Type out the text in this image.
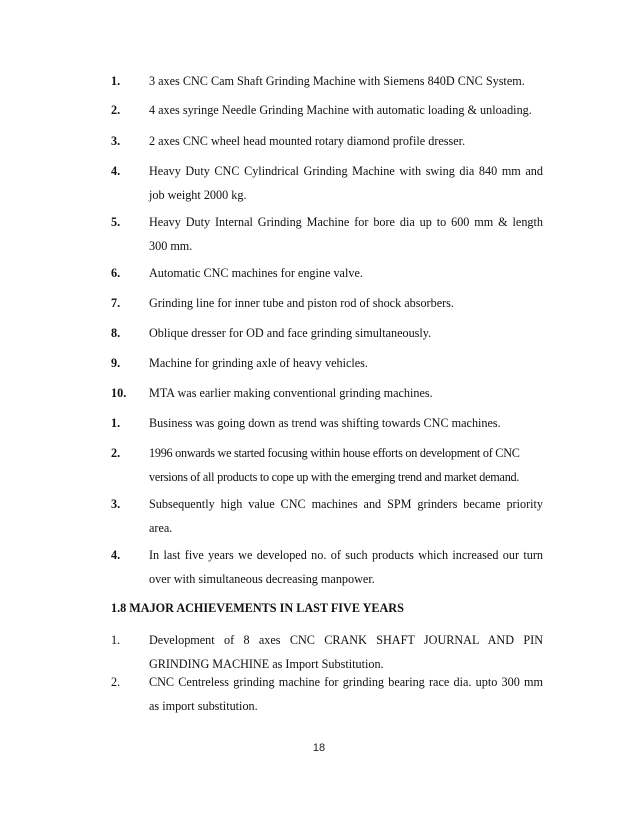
1. 3 axes CNC Cam Shaft Grinding Machine with Siemens 840D CNC System.
2. 4 axes syringe Needle Grinding Machine with automatic loading & unloading.
3. 2 axes CNC wheel head mounted rotary diamond profile dresser.
4. Heavy Duty CNC Cylindrical Grinding Machine with swing dia 840 mm and
job weight 2000 kg.
5. Heavy Duty Internal Grinding Machine for bore dia up to 600 mm & length
300 mm.
6. Automatic CNC machines for engine valve.
7. Grinding line for inner tube and piston rod of shock absorbers.
8. Oblique dresser for OD and face grinding simultaneously.
9. Machine for grinding axle of heavy vehicles.
10. MTA was earlier making conventional grinding machines.
1. Business was going down as trend was shifting towards CNC machines.
2. 1996 onwards we started focusing within house efforts on development of CNC
versions of all products to cope up with the emerging trend and market demand.
3. Subsequently high value CNC machines and SPM grinders became priority
area.
4. In last five years we developed no. of such products which increased our turn
over with simultaneous decreasing manpower.
1.8 MAJOR ACHIEVEMENTS IN LAST FIVE YEARS
1. Development of 8 axes CNC CRANK SHAFT JOURNAL AND PIN
GRINDING MACHINE as Import Substitution.
2. CNC Centreless grinding machine for grinding bearing race dia. upto 300 mm
as import substitution.
18
